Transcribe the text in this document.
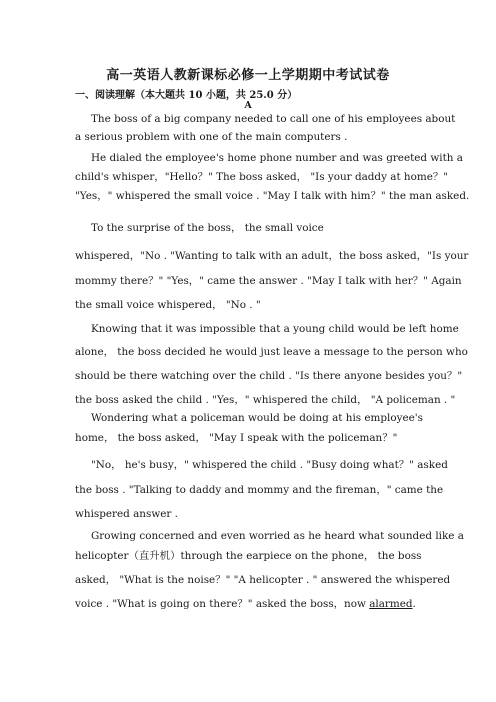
高一英语人教新课标必修一上学期期中考试试卷
一、阅读理解（本大题共 10 小题，共 25.0 分）
A
The boss of a big company needed to call one of his employees about
a serious problem with one of the main computers .
He dialed the employee's home phone number and was greeted with a
child's whisper，"Hello？" The boss asked， "Is your daddy at home？"
"Yes，" whispered the small voice . "May I talk with him？" the man asked.
To the surprise of the boss， the small voice
whispered，"No . "Wanting to talk with an adult，the boss asked，"Is your
mommy there？" "Yes，" came the answer . "May I talk with her？" Again
the small voice whispered， "No . "
Knowing that it was impossible that a young child would be left home
alone， the boss decided he would just leave a message to the person who
should be there watching over the child . "Is there anyone besides you？"
the boss asked the child . "Yes，" whispered the child， "A policeman . "
Wondering what a policeman would be doing at his employee's
home， the boss asked， "May I speak with the policeman？"
"No， he's busy，" whispered the child . "Busy doing what？" asked
the boss . "Talking to daddy and mommy and the fireman，" came the
whispered answer .
Growing concerned and even worried as he heard what sounded like a
helicopter（直升机）through the earpiece on the phone， the boss
asked， "What is the noise？" "A helicopter . " answered the whispered
voice . "What is going on there？" asked the boss，now alarmed.
